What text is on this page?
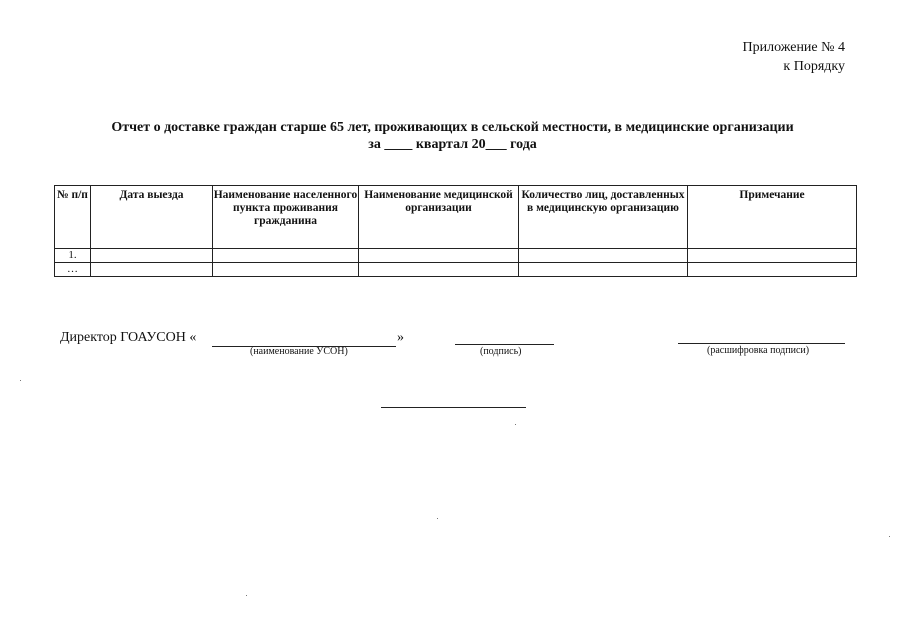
Приложение № 4
к Порядку
Отчет о доставке граждан старше 65 лет, проживающих в сельской местности, в медицинские организации
за ____ квартал 20___ года
№ п/п	Дата выезда	Наименование населенного пункта проживания гражданина	Наименование медицинской организации	Количество лиц, доставленных в медицинскую организацию	Примечание
1.					
…					
Директор ГОАУСОН «	»
(наименование УСОН)	(подпись)	(расшифровка подписи)
